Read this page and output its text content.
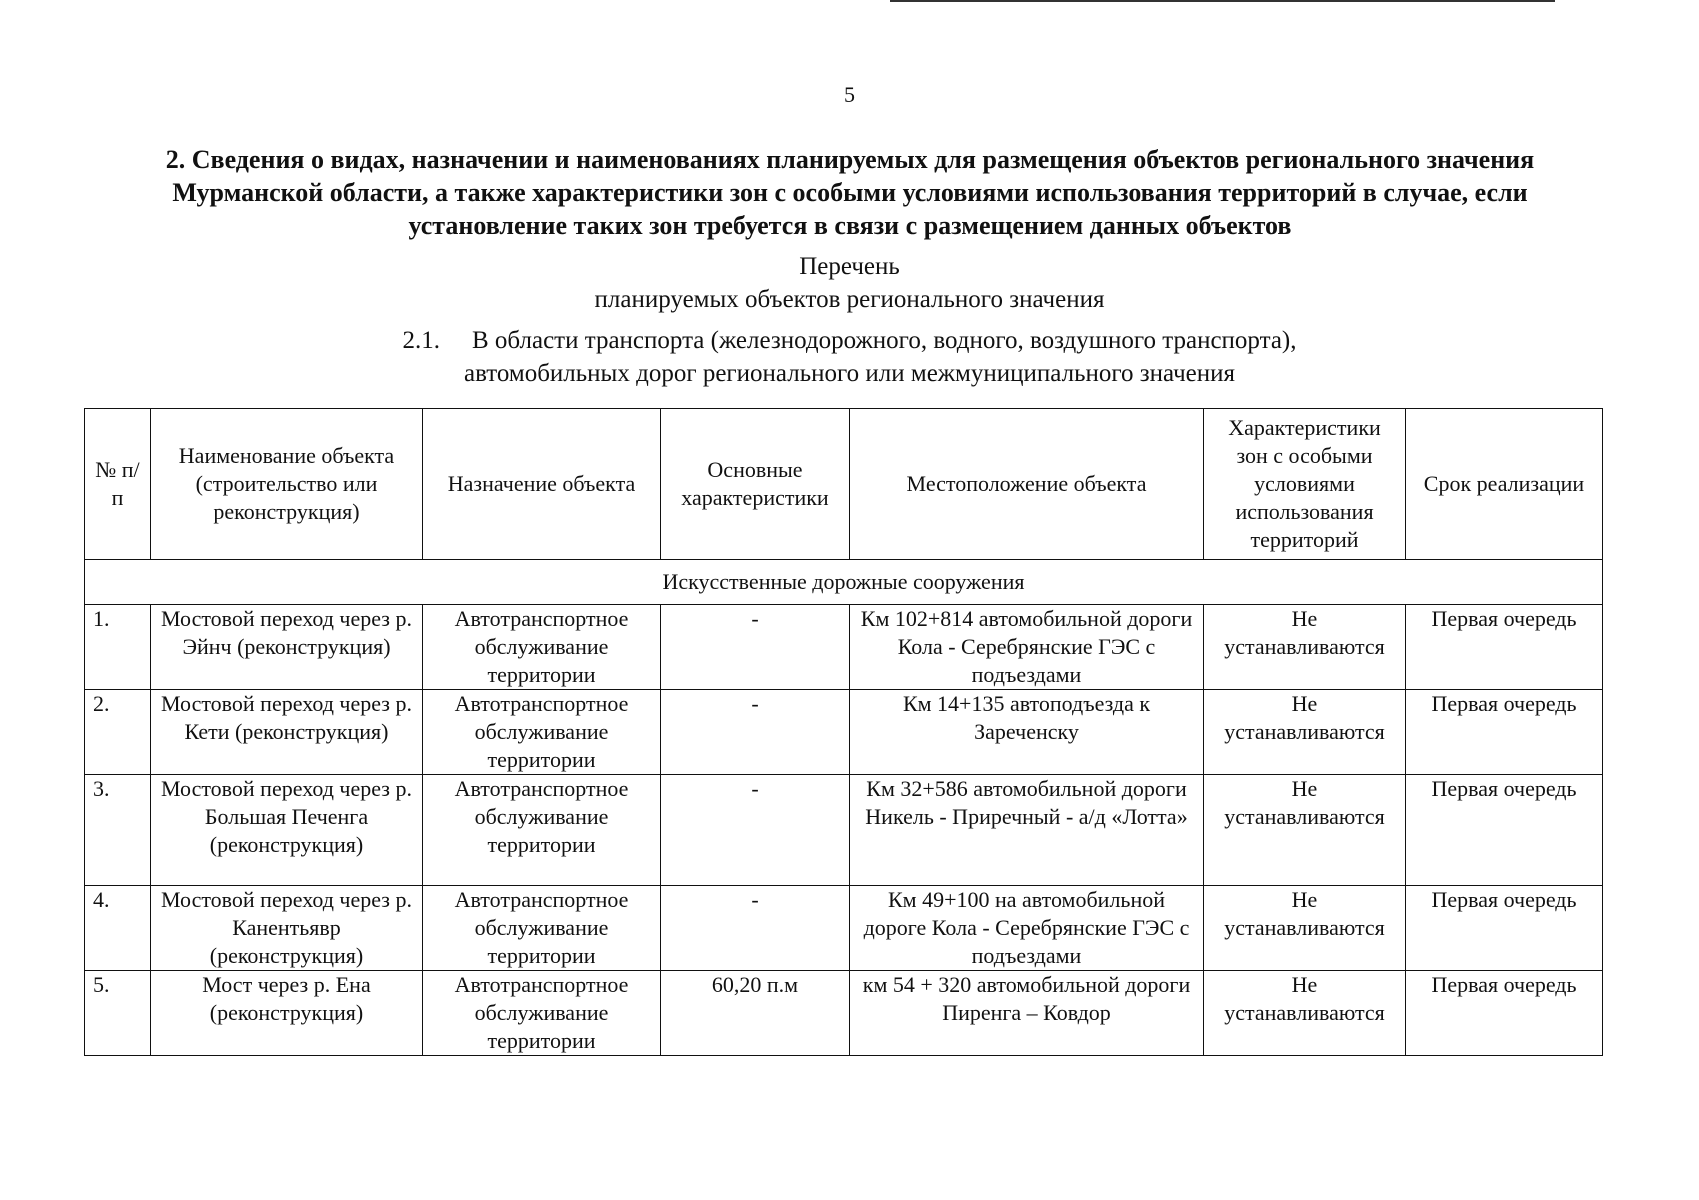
5
2. Сведения о видах, назначении и наименованиях планируемых для размещения объектов регионального значения Мурманской области, а также характеристики зон с особыми условиями использования территорий в случае, если установление таких зон требуется в связи с размещением данных объектов
Перечень
планируемых объектов регионального значения
2.1. В области транспорта (железнодорожного, водного, воздушного транспорта),
автомобильных дорог регионального или межмуниципального значения
№ п/п	Наименование объекта (строительство или реконструкция)	Назначение объекта	Основные характеристики	Местоположение объекта	Характеристики зон с особыми условиями использования территорий	Срок реализации
Искусственные дорожные сооружения						
1.	Мостовой переход через р. Эйнч (реконструкция)	Автотранспортное обслуживание территории	-	Км 102+814 автомобильной дороги Кола - Серебрянские ГЭС с подъездами	Не устанавливаются	Первая очередь
2.	Мостовой переход через р. Кети (реконструкция)	Автотранспортное обслуживание территории	-	Км 14+135 автоподъезда к Зареченску	Не устанавливаются	Первая очередь
3.	Мостовой переход через р. Большая Печенга (реконструкция)	Автотранспортное обслуживание территории	-	Км 32+586 автомобильной дороги Никель - Приречный - а/д «Лотта»	Не устанавливаются	Первая очередь
4.	Мостовой переход через р. Канентьявр (реконструкция)	Автотранспортное обслуживание территории	-	Км 49+100 на автомобильной дороге Кола - Серебрянские ГЭС с подъездами	Не устанавливаются	Первая очередь
5.	Мост через р. Ена (реконструкция)	Автотранспортное обслуживание территории	60,20 п.м	км 54 + 320 автомобильной дороги Пиренга – Ковдор	Не устанавливаются	Первая очередь
